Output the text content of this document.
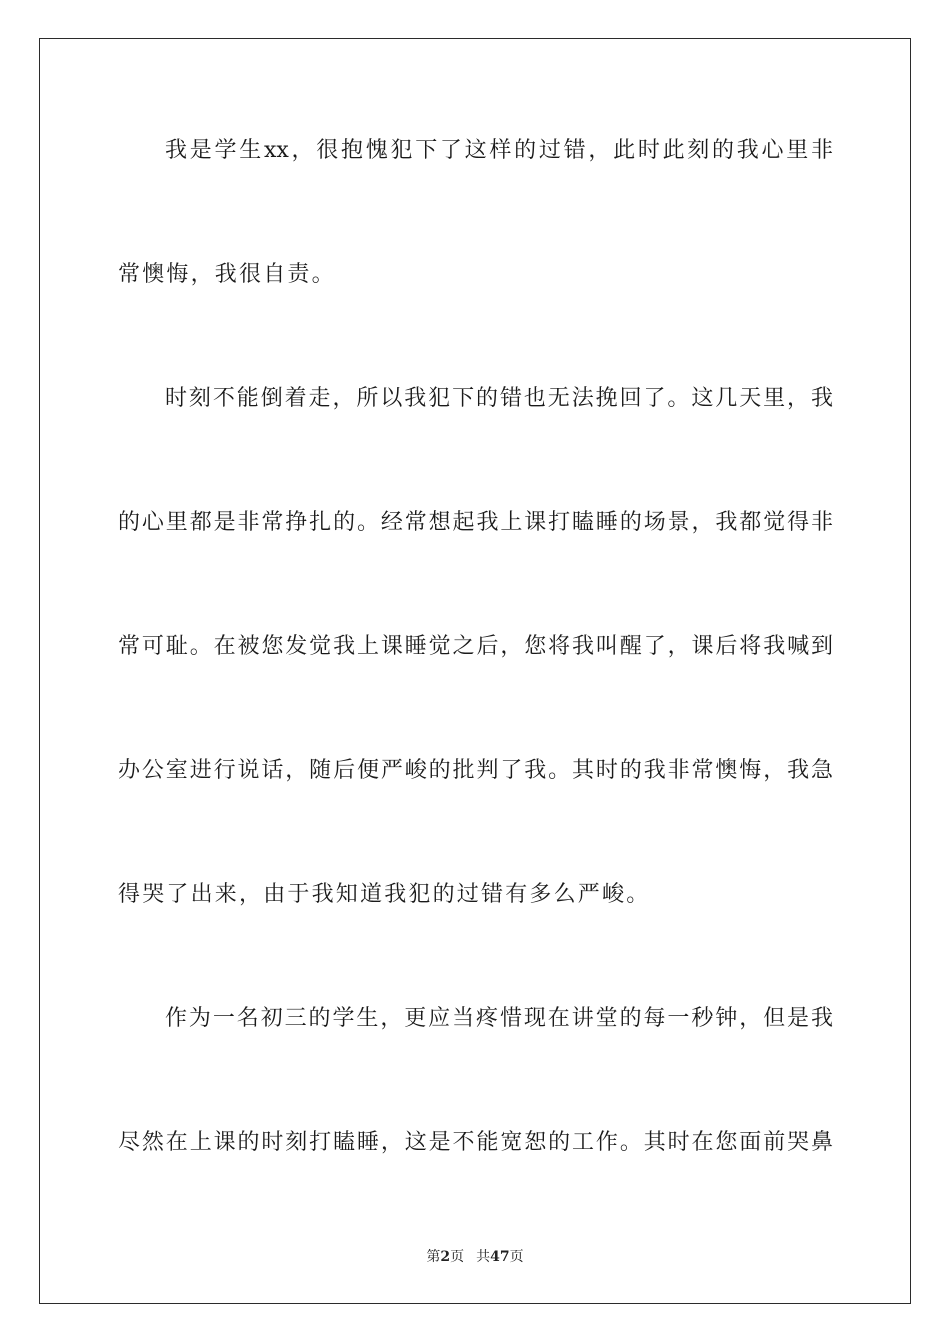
我是学生xx，很抱愧犯下了这样的过错，此时此刻的我心里非
常懊悔，我很自责。
时刻不能倒着走，所以我犯下的错也无法挽回了。这几天里，我
的心里都是非常挣扎的。经常想起我上课打瞌睡的场景，我都觉得非
常可耻。在被您发觉我上课睡觉之后，您将我叫醒了，课后将我喊到
办公室进行说话，随后便严峻的批判了我。其时的我非常懊悔，我急
得哭了出来，由于我知道我犯的过错有多么严峻。
作为一名初三的学生，更应当疼惜现在讲堂的每一秒钟，但是我
尽然在上课的时刻打瞌睡，这是不能宽恕的工作。其时在您面前哭鼻
第2页 共47页
